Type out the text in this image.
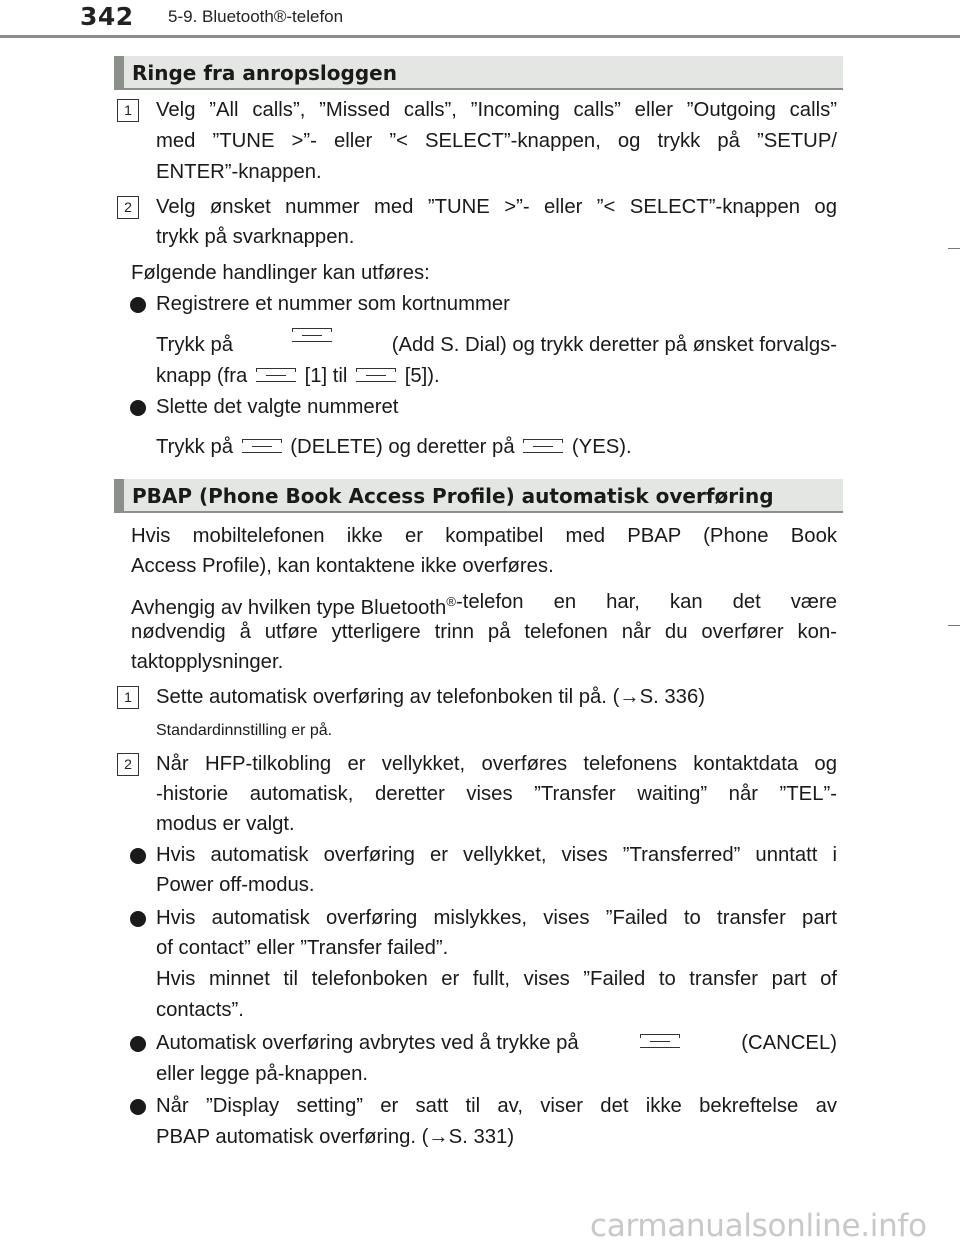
342 5-9. Bluetooth®-telefon
Ringe fra anropsloggen
1	Velg ”All calls”, ”Missed calls”, ”Incoming calls” eller ”Outgoing calls”
med ”TUNE >”- eller ”< SELECT”-knappen, og trykk på ”SETUP/
ENTER”-knappen.
2	Velg ønsket nummer med ”TUNE >”- eller ”< SELECT”-knappen og
trykk på svarknappen.
Følgende handlinger kan utføres:
Registrere et nummer som kortnummer
Trykk på	(Add S. Dial) og trykk deretter på ønsket forvalgs-
knapp (fra	[1] til	[5]).
Slette det valgte nummeret
Trykk på	(DELETE) og deretter på	(YES).
PBAP (Phone Book Access Profile) automatisk overføring
Hvis mobiltelefonen ikke er kompatibel med PBAP (Phone Book
Access Profile), kan kontaktene ikke overføres.
Avhengig av hvilken type Bluetooth® -telefon en har, kan det være
nødvendig å utføre ytterligere trinn på telefonen når du overfører kon-
taktopplysninger.
1	Sette automatisk overføring av telefonboken til på. (→S. 336)
Standardinnstilling er på.
2	Når HFP-tilkobling er vellykket, overføres telefonens kontaktdata og
-historie automatisk, deretter vises ”Transfer waiting” når ”TEL”-
modus er valgt.
Hvis automatisk overføring er vellykket, vises ”Transferred” unntatt i
Power off-modus.
Hvis automatisk overføring mislykkes, vises ”Failed to transfer part
of contact” eller ”Transfer failed”.
Hvis minnet til telefonboken er fullt, vises ”Failed to transfer part of
contacts”.
Automatisk overføring avbrytes ved å trykke på	(CANCEL)
eller legge på-knappen.
Når ”Display setting” er satt til av, viser det ikke bekreftelse av
PBAP automatisk overføring. (→S. 331)
carmanualsonline.info
